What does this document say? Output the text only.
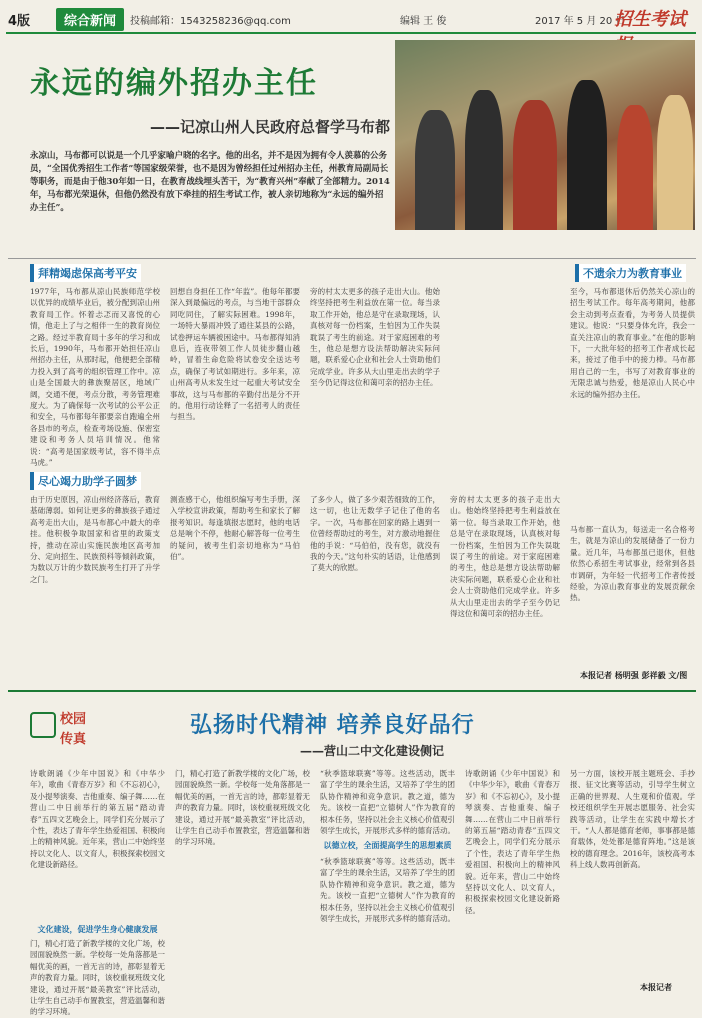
4版	综合新闻	投稿邮箱：1543258236@qq.com	编辑 王 俊	2017 年 5 月 20 日
招生考试
永远的编外招办主任
——记凉山州人民政府总督学马布都
永凉山，马布都可以说是一个几乎家喻户晓的名字。他的出名，并不是因为拥有令人羡慕的公务员，“全国优秀招生工作者”等国家级荣誉，也不是因为曾经担任过州招办主任，州教育局副局长等职务，而是由于他30年如一日，在教育战线埋头苦干，为“教育兴州”奉献了全部精力。2014年，马布都光荣退休，但他仍然没有放下牵挂的招生考试工作，被人亲切地称为“永远的编外招办主任”。
拜精竭虑保高考平安
尽心竭力助学子圆梦
不遗余力为教育事业
1977年，马布都从凉山民族师范学校以优异的成绩毕业后，被分配到凉山州教育局工作。怀着忐忑而又喜悦的心情，他走上了与之相伴一生的教育岗位之路。经过半教育局十多年的学习和成长后，1990年，马布都开始担任凉山州招办主任，从那时起，他便把全部精力投入到了高考的组织管理工作中。凉山是全国最大的彝族聚居区，地域广阔，交通不便，考点分散，考务管理难度大。为了确保每一次考试的公平公正和安全，马布都每年都要亲自跑遍全州各县市的考点，检查考场设施、保密室建设和考务人员培训情况。他常说：“高考是国家级考试，容不得半点马虎。”
回想自身担任工作“年监”。他每年都要深入到最偏远的考点，与当地干部群众同吃同住，了解实际困难。1998年，一场特大暴雨冲毁了通往某县的公路，试卷押运车辆被困途中。马布都得知消息后，连夜带领工作人员徒步翻山越岭，冒着生命危险将试卷安全送达考点，确保了考试如期进行。多年来，凉山州高考从未发生过一起重大考试安全事故，这与马布都的辛勤付出是分不开的。他用行动诠释了一名招考人的责任与担当。
旁的村太太更多的孩子走出大山。他始终坚持把考生利益放在第一位。每当录取工作开始，他总是守在录取现场，认真核对每一份档案，生怕因为工作失误耽误了考生的前途。对于家庭困难的考生，他总是想方设法帮助解决实际问题，联系爱心企业和社会人士资助他们完成学业。许多从大山里走出去的学子至今仍记得这位和蔼可亲的招办主任。
至今，马布都退休后仍然关心凉山的招生考试工作。每年高考期间，他都会主动到考点查看，为考务人员提供建议。他说：“只要身体允许，我会一直关注凉山的教育事业。”在他的影响下，一大批年轻的招考工作者成长起来，接过了他手中的接力棒。马布都用自己的一生，书写了对教育事业的无限忠诚与热爱，他是凉山人民心中永远的编外招办主任。
由于历史原因，凉山州经济落后，教育基础薄弱。如何让更多的彝族孩子通过高考走出大山，是马布都心中最大的牵挂。他积极争取国家和省里的政策支持，推动在凉山实施民族地区高考加分、定向招生、民族预科等倾斜政策，为数以万计的少数民族考生打开了升学之门。
测查感于心，他组织编写考生手册，深入学校宣讲政策，帮助考生和家长了解报考知识。每逢填报志愿时，他的电话总是响个不停，他耐心解答每一位考生的疑问，被考生们亲切地称为“马伯伯”。
了多少人，做了多少艰苦细致的工作，这一切，也让无数学子记住了他的名字。一次，马布都在回家的路上遇到一位曾经帮助过的考生，对方激动地握住他的手说：“马伯伯，没有您，就没有我的今天。”这句朴实的话语，让他感到了莫大的欣慰。
旁的村太太更多的孩子走出大山。他始终坚持把考生利益放在第一位。每当录取工作开始，他总是守在录取现场，认真核对每一份档案，生怕因为工作失误耽误了考生的前途。对于家庭困难的考生，他总是想方设法帮助解决实际问题，联系爱心企业和社会人士资助他们完成学业。许多从大山里走出去的学子至今仍记得这位和蔼可亲的招办主任。
马布都一直认为，每送走一名合格考生，就是为凉山的发展储备了一份力量。近几年，马布都虽已退休，但他依然心系招生考试事业，经常到各县市调研，为年轻一代招考工作者传授经验，为凉山教育事业的发展贡献余热。
本报记者 杨明强 彭祥毅 文/图
校园
传真
弘扬时代精神 培养良好品行
——营山二中文化建设侧记
诗歌朗诵《少年中国说》和《中华少年》，歌曲《青春万岁》和《不忘初心》，及小提琴演奏、吉他重奏、编子舞……在营山二中日前举行的第五届“踏动青春”五四文艺晚会上，同学们充分展示了个性，表达了青年学生热爱祖国、积极向上的精神风貌。近年来，营山二中始终坚持以文化人、以文育人，积极探索校园文化建设新路径。
文化建设，促进学生身心健康发展
门，精心打造了新教学楼的文化广场，校园面貌焕然一新。学校每一处角落都是一幅优美的画，一首无言的诗，都彰显着无声的教育力量。同时，该校重视班级文化建设，通过开展“最美教室”评比活动，让学生自己动手布置教室，营造温馨和谐的学习环境。
门，精心打造了新教学楼的文化广场，校园面貌焕然一新。学校每一处角落都是一幅优美的画，一首无言的诗，都彰显着无声的教育力量。同时，该校重视班级文化建设，通过开展“最美教室”评比活动，让学生自己动手布置教室，营造温馨和谐的学习环境。
“秋季篮球联赛”等等。这些活动，既丰富了学生的课余生活，又培养了学生的团队协作精神和竞争意识。教之道，德为先。该校一直把“立德树人”作为教育的根本任务，坚持以社会主义核心价值观引领学生成长，开展形式多样的德育活动。
以德立校，全面提高学生的思想素质
“秋季篮球联赛”等等。这些活动，既丰富了学生的课余生活，又培养了学生的团队协作精神和竞争意识。教之道，德为先。该校一直把“立德树人”作为教育的根本任务，坚持以社会主义核心价值观引领学生成长，开展形式多样的德育活动。
诗歌朗诵《少年中国说》和《中华少年》，歌曲《青春万岁》和《不忘初心》，及小提琴演奏、吉他重奏、编子舞……在营山二中日前举行的第五届“踏动青春”五四文艺晚会上，同学们充分展示了个性，表达了青年学生热爱祖国、积极向上的精神风貌。近年来，营山二中始终坚持以文化人、以文育人，积极探索校园文化建设新路径。
另一方面，该校开展主题班会、手抄报、征文比赛等活动，引导学生树立正确的世界观、人生观和价值观。学校还组织学生开展志愿服务、社会实践等活动，让学生在实践中增长才干。“人人都是德育老师，事事都是德育载体，处处都是德育阵地。”这是该校的德育理念。2016年，该校高考本科上线人数再创新高。
本报记者
